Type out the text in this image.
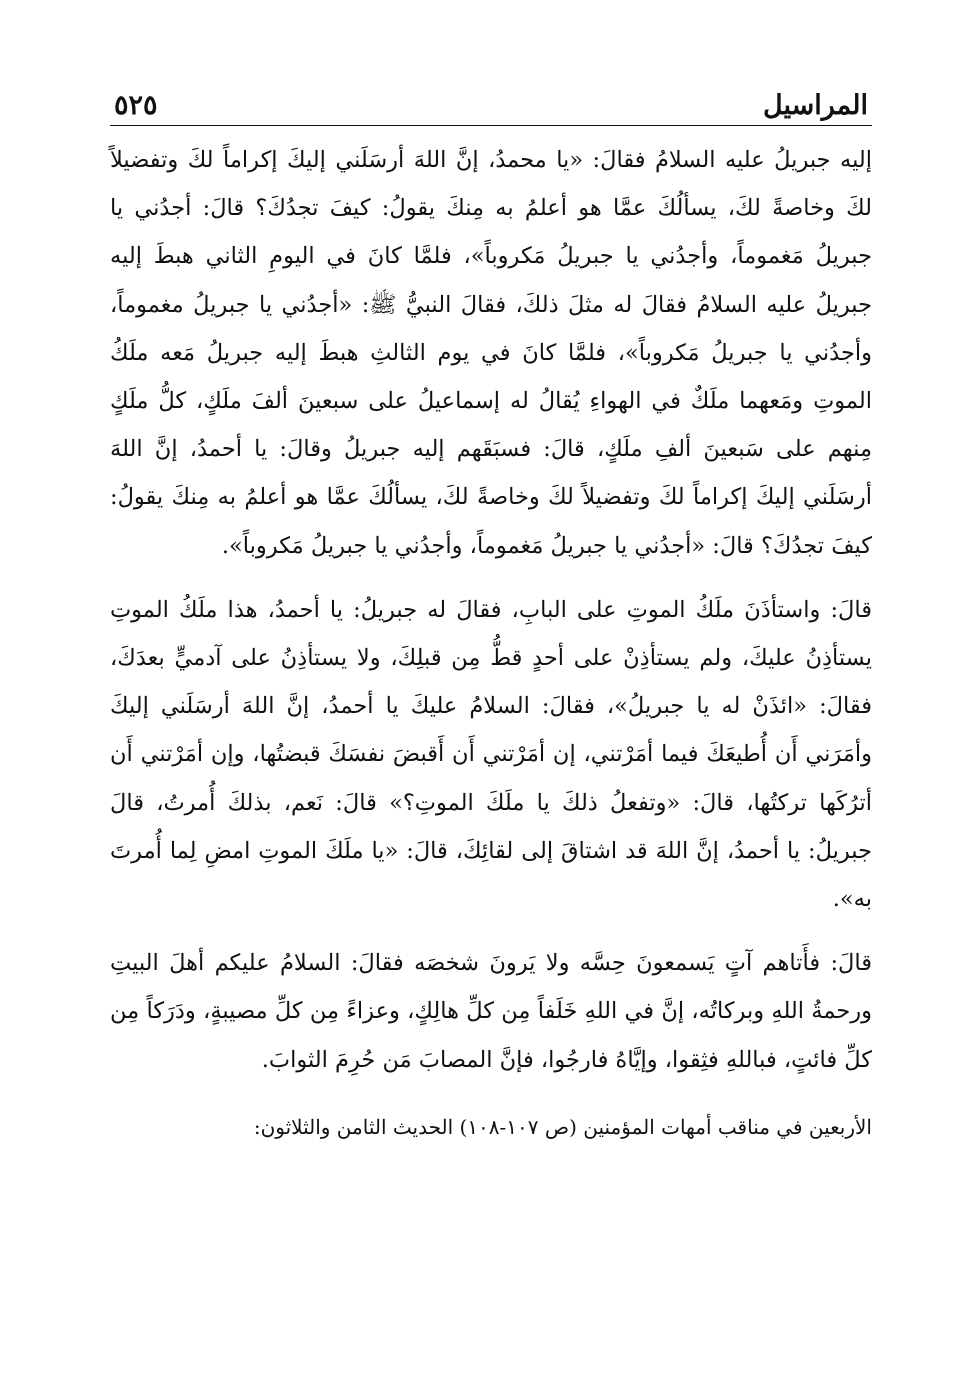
المراسيل
٥٢٥

إليه جبريلُ عليه السلامُ فقالَ: «يا محمدُ، إنَّ اللهَ أرسَلَني إليكَ إكراماً لكَ وتفضيلاً لكَ وخاصةً لكَ، يسألُكَ عمَّا هو أعلمُ به مِنكَ يقولُ: كيفَ تجدُكَ؟ قالَ: أجدُني يا جبريلُ مَغموماً، وأجدُني يا جبريلُ مَكروباً»، فلمَّا كانَ في اليومِ الثاني هبطَ إليه جبريلُ عليه السلامُ فقالَ له مثلَ ذلكَ، فقالَ النبيُّ ﷺ: «أجدُني يا جبريلُ مغموماً، وأجدُني يا جبريلُ مَكروباً»، فلمَّا كانَ في يوم الثالثِ هبطَ إليه جبريلُ مَعه ملَكُ الموتِ ومَعهما ملَكٌ في الهواءِ يُقالُ له إسماعيلُ على سبعينَ ألفَ ملَكٍ، كلُّ ملَكٍ مِنهم على سَبعينَ ألفِ ملَكٍ، قالَ: فسبَقَهم إليه جبريلُ وقالَ: يا أحمدُ، إنَّ اللهَ أرسَلَني إليكَ إكراماً لكَ وتفضيلاً لكَ وخاصةً لكَ، يسألُكَ عمَّا هو أعلمُ به مِنكَ يقولُ: كيفَ تجدُكَ؟ قالَ: «أجدُني يا جبريلُ مَغموماً، وأجدُني يا جبريلُ مَكروباً».

قالَ: واستأذَنَ ملَكُ الموتِ على البابِ، فقالَ له جبريلُ: يا أحمدُ، هذا ملَكُ الموتِ يستأذِنُ عليكَ، ولم يستأذِنْ على أحدٍ قطُّ مِن قبلِكَ، ولا يستأذِنُ على آدميٍّ بعدَكَ، فقالَ: «ائذَنْ له يا جبريلُ»، فقالَ: السلامُ عليكَ يا أحمدُ، إنَّ اللهَ أرسَلَني إليكَ وأمَرَني أَن أُطيعَكَ فيما أمَرْتني، إن أمَرْتني أَن أَقبضَ نفسَكَ قبضتُها، وإن أمَرْتني أَن أترُكَها تركتُها، قالَ: «وتفعلُ ذلكَ يا ملَكَ الموتِ؟» قالَ: نَعم، بذلكَ أُمرتُ، قالَ جبريلُ: يا أحمدُ، إنَّ اللهَ قد اشتاقَ إلى لقائِكَ، قالَ: «يا ملَكَ الموتِ امضِ لِما أُمرتَ به».

قالَ: فأَتاهم آتٍ يَسمعونَ حِسَّه ولا يَرونَ شخصَه فقالَ: السلامُ عليكم أهلَ البيتِ ورحمةُ اللهِ وبركاتُه، إنَّ في اللهِ خَلَفاً مِن كلِّ هالِكٍ، وعزاءً مِن كلِّ مصيبةٍ، ودَرَكاً مِن كلِّ فائتٍ، فباللهِ فثِقوا، وإيَّاهُ فارجُوا، فإنَّ المصابَ مَن حُرِمَ الثوابَ.

الأربعين في مناقب أمهات المؤمنين (ص ١٠٧-١٠٨) الحديث الثامن والثلاثون:
